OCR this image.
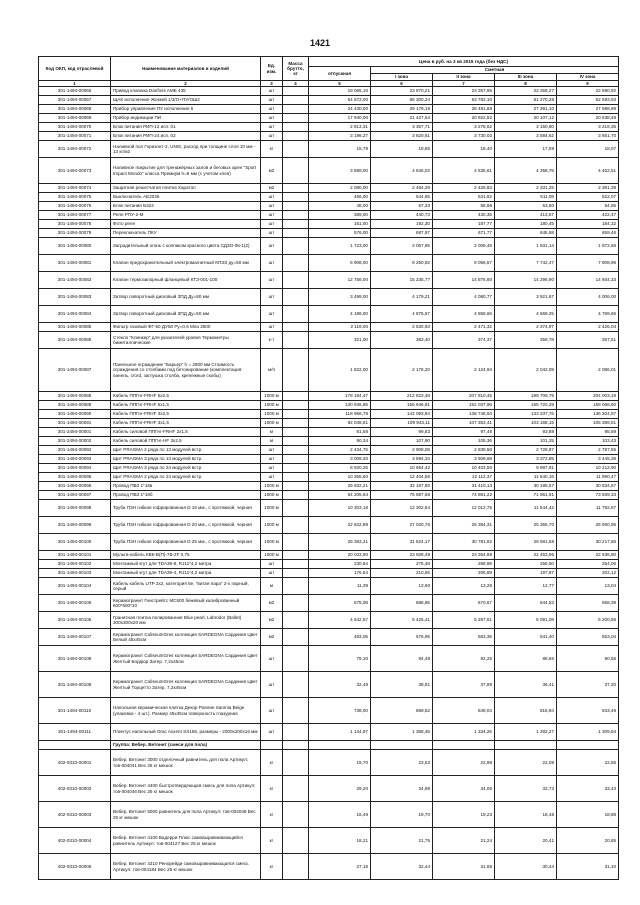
1421
Код ОКП, код отраслевой	Наименование материалов и изделий	Ед. изм.	Масса брутто, кг	Цена в руб. на 3 кв 2015 года (без НДС)				
				отпускная	Сметная			
					I зона	II зона	III зона	IV зона
1	2	3	4	5	6	7	8	9
301-1494-00066	Привод клапана Danfoss AME 435	шт		19 065,10	23 870,21	23 357,95	22 359,27	22 880,92
301-1494-00067	ЩАК исполнение Жоккей 1/3/О+ПУ/ОШ2	шт		54 572,00	65 300,24	63 782,10	61 270,28	62 593,93
301-1494-00068	Прибор управления ПУ исполнение 5	шт		24 430,00	29 179,19	28 491,88	27 381,10	27 968,89
301-1494-00069	Прибор индикации ПИ	шт		17 940,00	21 427,54	20 922,82	20 107,12	20 538,49
301-1494-00070	Блок питания РИП-12 исп. 01	шт		2 813,31	3 357,71	3 278,62	3 150,80	3 218,35
301-1494-00071	Блок питания РИП-24 исп. 02	шт		3 198,27	3 820,61	3 730,03	3 584,62	3 661,70
301-1494-00072	Наливной пол Горизонт-2, UNIS, расход при толщине слоя 10 мм - 13 кг/м2	кг		15,79	18,85	18,40	17,69	18,07
301-1494-00073	Наливное покрытие для тренажёрных залов и беговых арен "Sport Impact Mondo" класса Премиум h=8 мм (с учетом клея)	м2		3 889,00	4 645,02	4 535,61	4 358,76	4 452,51
301-1494-00074	Защитная решетчатая плитка Харатоп	м2		2 080,00	2 484,29	2 425,83	2 331,25	2 381,39
301-1494-00075	Выключатель АЕ2026	шт		456,00	544,65	531,82	511,08	522,07
301-1494-00076	Блок питания Б324	шт		48,00	57,33	55,98	53,80	54,95
301-1494-00077	Реле РПУ-2-М	шт		369,00	440,73	430,35	413,57	422,47
301-1494-00078	Фото реле	шт		161,00	192,30	187,77	180,45	184,32
301-1494-00079	Переключатель ПКУ	шт		576,00	687,97	671,77	645,58	659,46
301-1494-00080	Заградительный огонь с колпаком красного цвета СДЗО-05-1(2)	шт		1 723,00	2 057,85	2 009,48	1 931,14	1 972,66
301-1494-00081	Клапан предохранительный электромагнитный КПЭЗ ду=50 мм	шт		6 908,00	8 250,92	8 056,57	7 742,47	7 908,96
301-1494-00082	Клапан термозапорный фланцевый КТЗ-001-100	шт		12 756,00	15 235,77	14 876,80	14 296,90	14 604,33
301-1494-00083	Затвор поворотный дисковый ЗПД Ду=80 мм	шт		3 499,00	4 179,21	4 080,77	3 921,67	4 006,00
301-1494-00084	Затвор поворотный дисковый ЗПД Ду=50 мм	шт		4 186,00	4 875,67	4 858,66	4 669,25	4 769,65
301-1494-00085	Фильтр газовый ФГ-50 ДУ50 Py=0,6 Мпа 2500	шт		2 119,00	2 530,93	2 471,32	2 374,97	2 426,04
301-1494-00086	Стекло "Клинкер" для указателей уровня Термометры биметаллические	к-т		321,00	383,40	374,37	359,78	367,51
301-1494-00087	Панельное ограждение "Барьер" h = 2900 мм Стоимость ограждения со столбами под бетонирование (комплектация: панель, crord, заглушка столба, крепежные скобы)	м/п		1 822,00	2 176,20	2 124,94	2 042,09	2 086,01
301-1494-00088	Кабель ППГнг-FRHF 5х2,5	1000 м		178 184,47	212 823,48	207 810,45	199 709,79	204 003,19
301-1494-00089	Кабель ППГнг-FRHF 5х1,5	1000 м		130 936,95	156 946,81	152 037,96	155 720,29	159 068,60
301-1494-00090	Кабель ППГнг-FRHF 3х2,5	1000 м		118 966,78	142 093,84	138 746,93	133 337,76	136 204,97
301-1494-00091	Кабель ППГнг-FRHF 3х1,5	1000 м		92 046,61	109 943,11	107 353,41	103 168,15	105 386,61
301-2494-00001	Кабель силовой ППГнг-FRHF 2х1,5	м		81,58	99,63	97,48	93,88	95,69
301-2494-00002	Кабель силовой ППГнг-HF 3х2,5	м		90,34	107,90	105,36	101,25	103,43
301-1494-00092	Щит PRAGMA 2 ряда по 13 модулей встр.	шт		2 434,76	2 908,08	2 839,58	2 728,87	2 787,55
301-1494-00093	Щит PRAGMA 3 ряда по 13 модулей встр.	шт		3 009,33	3 594,34	3 509,68	3 372,85	3 445,38
301-1494-00094	Щит PRAGMA 3 ряда по 24 модулей встр.	шт		8 920,25	10 654,42	10 403,50	9 997,91	10 212,90
301-1494-00095	Щит PRAGMA 2 ряда по 24 модулей встр.	шт		10 355,60	12 404,56	12 112,37	11 640,16	11 890,47
301-1494-00096	Провод ПВЗ 1*16в	1000 м		26 932,21	32 167,80	31 410,13	30 185,57	30 834,67
301-1494-00097	Провод ПВЗ 1*16б	1000 м		64 205,94	76 687,58	74 881,22	71 961,91	73 509,33
301-1494-00098	Труба ПЗН гибкая гофрированная D 16 мм., с протяжкой, черная	1000 м		10 303,18	12 302,54	12 012,75	11 544,42	11 792,67
301-1494-00099	Труба ПЗН гибкая гофрированная D 20 мм., с протяжкой, черная	1000 м		22 622,89	27 020,76	26 384,31	25 355,70	25 900,95
301-1494-00100	Труба ПЗН гибкая гофрированная D 25 мм., с протяжкой, черная	1000 м		26 383,31	31 524,17	30 781,92	29 581,58	30 217,66
301-1494-00101	Мульти-кабель КВК-В(П)-7В-2F 0,75	1000 м		20 033,90	23 928,49	23 364,88	22 453,96	22 936,80
301-1494-00102	Монтажный кгут для TDA39-8, RJ11*4,2 метра	шт		230,64	275,48	268,99	258,50	264,06
301-1494-00103	Монтажный кгут для TDA39-4, RJ11*4,2 метра	шт		176,54	210,66	205,89	197,87	202,12
301-1494-00104	Кабель кабель UTP 2х2, категория 5е, "витая пара" 2-х парный, серый	м		11,39	13,60	13,28	12,77	13,04
301-1494-00105	Керамогранит Гнистрейтс МС600 бежевый калиброванный 600*600*10	м2		575,08	686,85	670,67	644,53	658,39
301-1494-00106	Гранитная плитка полированная Blue pearl, Labrodor (Ballet) 300х300х20 мм	м2		4 542,57	5 425,41	5 297,61	5 091,08	5 200,56
301-1494-00107	Керамогранит ColiseumGres коллекция SARDEGNA Сардиния Цвет Белый 45х45см	м2		483,05	576,95	563,36	541,40	553,04
301-1494-00108	Керамогранит ColiseumGres коллекция SARDEGNA Сардиния Цвет Желтый Бордюр Затер. 7,2х45см	шт		79,10	94,48	92,25	88,66	90,56
301-1494-00109	Керамогранит ColiseumGres коллекция SARDEGNA Сардиния Цвет Желтый Торцетто Затер. 7,2х45см	шт		32,49	38,81	37,89	36,41	37,20
301-1494-00110	Напольная керамическая плитка Декор Роялин Sanmiа Beige (упаковка - 4 шт.). Размер 45х45см поверхность глазурная	шт		738,00	869,52	849,04	815,94	833,49
301-1494-00111	Плинтус напольный Orac Axxent SX156, размеры - 2000х200х16 мм	шт		1 144,87	1 368,45	1 334,26	1 282,27	1 309,84
	Группа: Вебер. Ветонит (смеси для пола)							
402-0310-00001	Вебер. Ветонит 3000 отделочный равнитель для пола Артикул: тов-004041 Вес 25 кг мешок	кг		19,70	23,53	22,98	22,08	22,56
402-0310-00002	Вебер. Ветонит 4400 быстротвердеющая смесь для пола Артикул: тов-004046 Вес 25 кг мешок	кг		29,20	34,88	34,05	32,73	33,43
402-0310-00003	Вебер. Ветонит 5000 равнитель для пола Артикул: тов-004049 Вес 25 кг мешок	кг		16,49	19,70	19,23	18,48	18,88
402-0310-00004	Вебер. Ветонит 4100 Вадерри Плюс самовыравнивающийся равнитель Артикул: тов-004127 Вес 25 кг мешок	кг		18,21	21,75	21,24	20,41	20,85
402-0310-00005	Вебер. Ветонит 4310 Ренорейди самовыравнивающаяся смесь Артикул: тов-004184 Вес 25 кг мешок	кг		27,16	32,44	31,68	30,44	31,10
